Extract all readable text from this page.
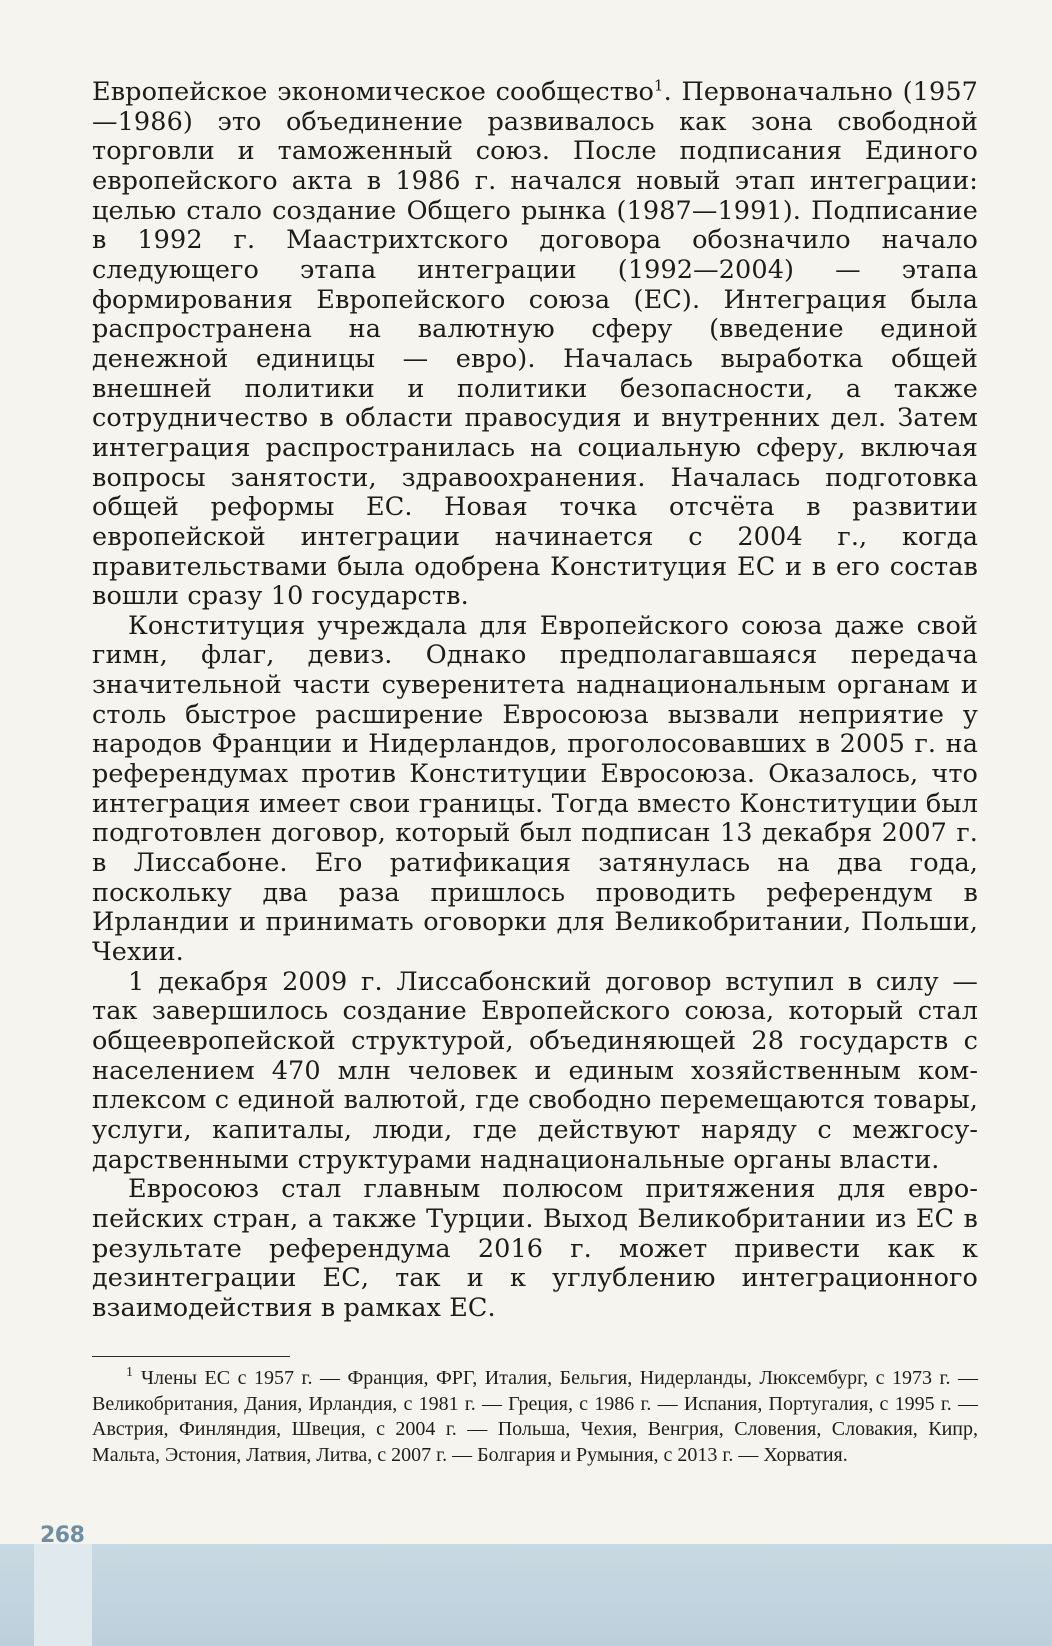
Европейское экономическое сообщество$^1$. Первоначально (1957—1986) это объединение развивалось как зона свободной торговли и таможенный союз. После подписания Единого европейского акта в 1986 г. начался новый этап интеграции: целью стало создание Общего рынка (1987—1991). Подписание в 1992 г. Маастрихтского договора обозначило начало следующего этапа интеграции (1992—2004) — этапа формирования Европейского союза (ЕС). Интеграция была распространена на валютную сферу (введение единой денежной единицы — евро). Началась выработка общей внешней политики и политики безопасности, а также сотрудничество в области правосудия и внутренних дел. Затем интеграция распространилась на социальную сферу, включая вопросы занятости, здравоохранения. Началась подготовка общей реформы ЕС. Новая точка отсчёта в развитии европейской интеграции начинается с 2004 г., когда правительствами была одобрена Конституция ЕС и в его состав вошли сразу 10 государств.

Конституция учреждала для Европейского союза даже свой гимн, флаг, девиз. Однако предполагавшаяся передача значительной части суверенитета наднациональным органам и столь быстрое расширение Евросоюза вызвали неприятие у народов Франции и Нидерландов, проголосовавших в 2005 г. на референдумах против Конституции Евросоюза. Оказалось, что интеграция имеет свои границы. Тогда вместо Конституции был подготовлен договор, который был подписан 13 декабря 2007 г. в Лиссабоне. Его ратификация затянулась на два года, поскольку два раза пришлось проводить референдум в Ирландии и принимать оговорки для Великобритании, Польши, Чехии.

1 декабря 2009 г. Лиссабонский договор вступил в силу — так завершилось создание Европейского союза, который стал общеевропейской структурой, объединяющей 28 государств с населением 470 млн человек и единым хозяйственным комплексом с единой валютой, где свободно перемещаются товары, услуги, капиталы, люди, где действуют наряду с межгосударственными структурами наднациональные органы власти.

Евросоюз стал главным полюсом притяжения для европейских стран, а также Турции. Выход Великобритании из ЕС в результате референдума 2016 г. может привести как к дезинтеграции ЕС, так и к углублению интеграционного взаимодействия в рамках ЕС.

$^1$ Члены ЕС с 1957 г. — Франция, ФРГ, Италия, Бельгия, Нидерланды, Люксембург, с 1973 г. — Великобритания, Дания, Ирландия, с 1981 г. — Греция, с 1986 г. — Испания, Португалия, с 1995 г. — Австрия, Финляндия, Швеция, с 2004 г. — Польша, Чехия, Венгрия, Словения, Словакия, Кипр, Мальта, Эстония, Латвия, Литва, с 2007 г. — Болгария и Румыния, с 2013 г. — Хорватия.
268
